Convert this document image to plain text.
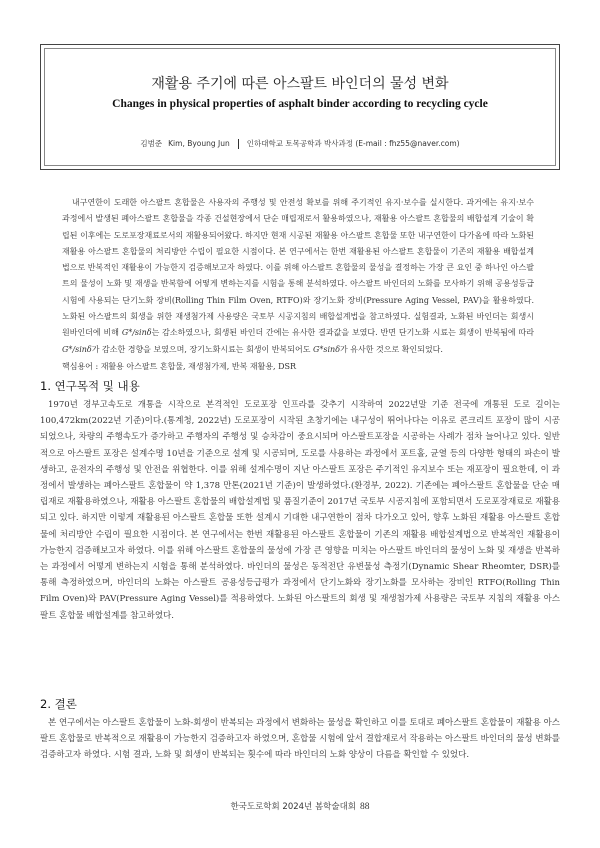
재활용 주기에 따른 아스팔트 바인더의 물성 변화
Changes in physical properties of asphalt binder according to recycling cycle
김범준 Kim, Byoung Jun 인하대학교 토목공학과 박사과정 (E-mail : fhz55@naver.com)
내구연한이 도래한 아스팔트 혼합물은 사용자의 주행성 및 안전성 확보를 위해 주기적인 유지·보수를 실시한다. 과거에는 유지·보수 과정에서 발생된 폐아스팔트 혼합물을 각종 건설현장에서 단순 매립재로서 활용하였으나, 재활용 아스팔트 혼합물의 배합설계 기술이 확립된 이후에는 도로포장재료로서의 재활용되어왔다. 하지만 현재 시공된 재활용 아스팔트 혼합물 또한 내구연한이 다가옴에 따라 노화된 재활용 아스팔트 혼합물의 처리방안 수립이 필요한 시점이다. 본 연구에서는 한번 재활용된 아스팔트 혼합물이 기존의 재활용 배합설계법으로 반복적인 재활용이 가능한지 검증해보고자 하였다. 이를 위해 아스팔트 혼합물의 물성을 결정하는 가장 큰 요인 중 하나인 아스팔트의 물성이 노화 및 재생을 반복함에 어떻게 변하는지를 시험을 통해 분석하였다. 아스팔트 바인더의 노화를 모사하기 위해 공용성등급시험에 사용되는 단기노화 장비(Rolling Thin Film Oven, RTFO)와 장기노화 장비(Pressure Aging Vessel, PAV)을 활용하였다. 노화된 아스팔트의 회생을 위한 재생첨가제 사용량은 국토부 시공지침의 배합설계법을 참고하였다. 실험결과, 노화된 바인더는 회생시 원바인더에 비해 G*/sinδ는 감소하였으나, 회생된 바인더 간에는 유사한 결과값을 보였다. 반면 단기노화 시료는 회생이 반복됨에 따라 G*/sinδ가 감소한 경향을 보였으며, 장기노화시료는 회생이 반복되어도 G*sinδ가 유사한 것으로 확인되었다.
핵심용어 : 재활용 아스팔트 혼합물, 재생첨가제, 반복 재활용, DSR
1. 연구목적 및 내용
1970년 경부고속도로 개통을 시작으로 본격적인 도로포장 인프라를 갖추기 시작하여 2022년말 기준 전국에 개통된 도로 길이는 100,472km(2022년 기준)이다.(통계청, 2022년) 도로포장이 시작된 초창기에는 내구성이 뛰어나다는 이유로 콘크리트 포장이 많이 시공되었으나, 차량의 주행속도가 증가하고 주행자의 주행성 및 승차감이 중요시되며 아스팔트포장을 시공하는 사례가 점차 늘어나고 있다. 일반적으로 아스팔트 포장은 설계수명 10년을 기준으로 설계 및 시공되며, 도로를 사용하는 과정에서 포트홀, 균열 등의 다양한 형태의 파손이 발생하고, 운전자의 주행성 및 안전을 위협한다. 이를 위해 설계수명이 지난 아스팔트 포장은 주기적인 유지보수 또는 재포장이 필요한데, 이 과정에서 발생하는 폐아스팔트 혼합물이 약 1,378 만톤(2021년 기준)이 발생하였다.(환경부, 2022). 기존에는 폐아스팔트 혼합물을 단순 매립재로 재활용하였으나, 재활용 아스팔트 혼합물의 배합설계법 및 품질기준이 2017년 국토부 시공지침에 포함되면서 도로포장재료로 재활용되고 있다. 하지만 이렇게 재활용된 아스팔트 혼합물 또한 설계시 기대한 내구연한이 점차 다가오고 있어, 향후 노화된 재활용 아스팔트 혼합물에 처리방안 수립이 필요한 시점이다. 본 연구에서는 한번 재활용된 아스팔트 혼합물이 기존의 재활용 배합설계법으로 반복적인 재활용이 가능한지 검증해보고자 하였다. 이를 위해 아스팔트 혼합물의 물성에 가장 큰 영향을 미치는 아스팔트 바인더의 물성이 노화 및 재생을 반복하는 과정에서 어떻게 변하는지 시험을 통해 분석하였다. 바인더의 물성은 동적전단 유변물성 측정기(Dynamic Shear Rheomter, DSR)를 통해 측정하였으며, 바인더의 노화는 아스팔트 공용성등급평가 과정에서 단기노화와 장기노화를 모사하는 장비인 RTFO(Rolling Thin Film Oven)와 PAV(Pressure Aging Vessel)를 적용하였다. 노화된 아스팔트의 회생 및 재생첨가제 사용량은 국토부 지침의 재활용 아스팔트 혼합물 배합설계를 참고하였다.
2. 결론
본 연구에서는 아스팔트 혼합물이 노화-회생이 반복되는 과정에서 변화하는 물성을 확인하고 이를 토대로 폐아스팔트 혼합물이 재활용 아스팔트 혼합물로 반복적으로 재활용이 가능한지 검증하고자 하였으며, 혼합물 시험에 앞서 결합재로서 작용하는 아스팔트 바인더의 물성 변화를 검증하고자 하였다. 시험 결과, 노화 및 회생이 반복되는 횟수에 따라 바인더의 노화 양상이 다름을 확인할 수 있었다.
한국도로학회 2024년 봄학술대회 88
